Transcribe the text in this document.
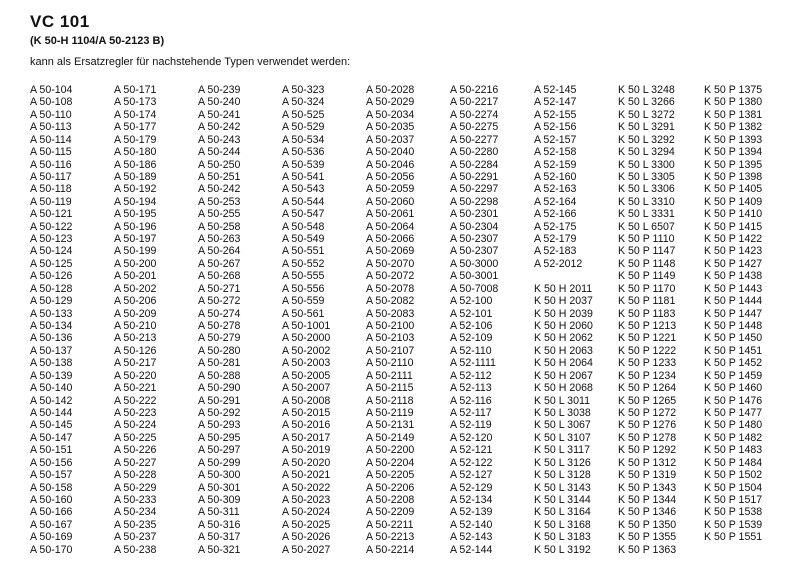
VC 101
(K 50-H 1104/A 50-2123 B)
kann als Ersatzregler für nachstehende Typen verwendet werden:
A 50-104
A 50-108
A 50-110
A 50-113
A 50-114
A 50-115
A 50-116
A 50-117
A 50-118
A 50-119
A 50-121
A 50-122
A 50-123
A 50-124
A 50-125
A 50-126
A 50-128
A 50-129
A 50-133
A 50-134
A 50-136
A 50-137
A 50-138
A 50-139
A 50-140
A 50-142
A 50-144
A 50-145
A 50-147
A 50-151
A 50-156
A 50-157
A 50-158
A 50-160
A 50-166
A 50-167
A 50-169
A 50-170
A 50-171
A 50-173
A 50-174
A 50-177
A 50-179
A 50-180
A 50-186
A 50-189
A 50-192
A 50-194
A 50-195
A 50-196
A 50-197
A 50-199
A 50-200
A 50-201
A 50-202
A 50-206
A 50-209
A 50-210
A 50-213
A 50-126
A 50-217
A 50-220
A 50-221
A 50-222
A 50-223
A 50-224
A 50-225
A 50-226
A 50-227
A 50-228
A 50-229
A 50-233
A 50-234
A 50-235
A 50-237
A 50-238
A 50-239
A 50-240
A 50-241
A 50-242
A 50-243
A 50-244
A 50-250
A 50-251
A 50-242
A 50-253
A 50-255
A 50-258
A 50-263
A 50-264
A 50-267
A 50-268
A 50-271
A 50-272
A 50-274
A 50-278
A 50-279
A 50-280
A 50-281
A 50-288
A 50-290
A 50-291
A 50-292
A 50-293
A 50-295
A 50-297
A 50-299
A 50-300
A 50-301
A 50-309
A 50-311
A 50-316
A 50-317
A 50-321
A 50-323
A 50-324
A 50-525
A 50-529
A 50-534
A 50-536
A 50-539
A 50-541
A 50-543
A 50-544
A 50-547
A 50-548
A 50-549
A 50-551
A 50-552
A 50-555
A 50-556
A 50-559
A 50-561
A 50-1001
A 50-2000
A 50-2002
A 50-2003
A 50-2005
A 50-2007
A 50-2008
A 50-2015
A 50-2016
A 50-2017
A 50-2019
A 50-2020
A 50-2021
A 50-2022
A 50-2023
A 50-2024
A 50-2025
A 50-2026
A 50-2027
A 50-2028
A 50-2029
A 50-2034
A 50-2035
A 50-2037
A 50-2040
A 50-2046
A 50-2056
A 50-2059
A 50-2060
A 50-2061
A 50-2064
A 50-2066
A 50-2069
A 50-2070
A 50-2072
A 50-2078
A 50-2082
A 50-2083
A 50-2100
A 50-2103
A 50-2107
A 50-2110
A 50-2111
A 50-2115
A 50-2118
A 50-2119
A 50-2131
A 50-2149
A 50-2200
A 50-2204
A 50-2205
A 50-2206
A 50-2208
A 50-2209
A 50-2211
A 50-2213
A 50-2214
A 50-2216
A 50-2217
A 50-2274
A 50-2275
A 50-2277
A 50-2280
A 50-2284
A 50-2291
A 50-2297
A 50-2298
A 50-2301
A 50-2304
A 50-2307
A 50-2307
A 50-3000
A 50-3001
A 50-7008
A 52-100
A 52-101
A 52-106
A 52-109
A 52-110
A 52-1111
A 52-112
A 52-113
A 52-116
A 52-117
A 52-119
A 52-120
A 52-121
A 52-122
A 52-127
A 52-129
A 52-134
A 52-139
A 52-140
A 52-143
A 52-144
A 52-145
A 52-147
A 52-155
A 52-156
A 52-157
A 52-158
A 52-159
A 52-160
A 52-163
A 52-164
A 52-166
A 52-175
A 52-179
A 52-183
A 52-2012
K 50 H 2011
K 50 H 2037
K 50 H 2039
K 50 H 2060
K 50 H 2062
K 50 H 2063
K 50 H 2064
K 50 H 2067
K 50 H 2068
K 50 L 3011
K 50 L 3038
K 50 L 3067
K 50 L 3107
K 50 L 3117
K 50 L 3126
K 50 L 3128
K 50 L 3143
K 50 L 3144
K 50 L 3164
K 50 L 3168
K 50 L 3183
K 50 L 3192
K 50 L 3248
K 50 L 3266
K 50 L 3272
K 50 L 3291
K 50 L 3292
K 50 L 3294
K 50 L 3300
K 50 L 3305
K 50 L 3306
K 50 L 3310
K 50 L 3331
K 50 L 6507
K 50 P 1110
K 50 P 1147
K 50 P 1148
K 50 P 1149
K 50 P 1170
K 50 P 1181
K 50 P 1183
K 50 P 1213
K 50 P 1221
K 50 P 1222
K 50 P 1233
K 50 P 1234
K 50 P 1264
K 50 P 1265
K 50 P 1272
K 50 P 1276
K 50 P 1278
K 50 P 1292
K 50 P 1312
K 50 P 1319
K 50 P 1343
K 50 P 1344
K 50 P 1346
K 50 P 1350
K 50 P 1355
K 50 P 1363
K 50 P 1375
K 50 P 1380
K 50 P 1381
K 50 P 1382
K 50 P 1393
K 50 P 1394
K 50 P 1395
K 50 P 1398
K 50 P 1405
K 50 P 1409
K 50 P 1410
K 50 P 1415
K 50 P 1422
K 50 P 1423
K 50 P 1427
K 50 P 1438
K 50 P 1443
K 50 P 1444
K 50 P 1447
K 50 P 1448
K 50 P 1450
K 50 P 1451
K 50 P 1452
K 50 P 1459
K 50 P 1460
K 50 P 1476
K 50 P 1477
K 50 P 1480
K 50 P 1482
K 50 P 1483
K 50 P 1484
K 50 P 1502
K 50 P 1504
K 50 P 1517
K 50 P 1538
K 50 P 1539
K 50 P 1551
